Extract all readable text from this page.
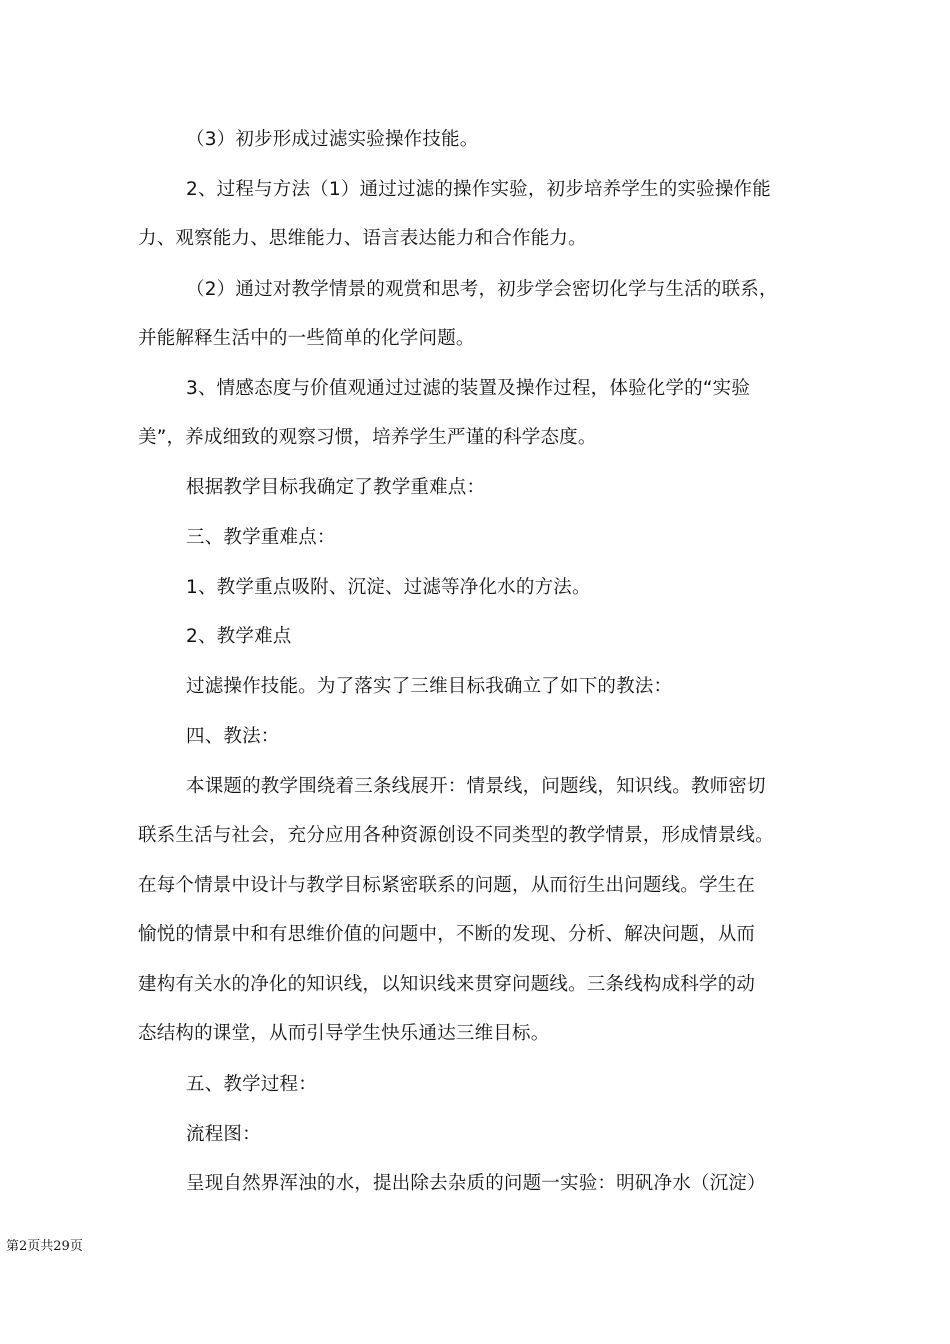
（3）初步形成过滤实验操作技能。
2、过程与方法（1）通过过滤的操作实验，初步培养学生的实验操作能
力、观察能力、思维能力、语言表达能力和合作能力。
（2）通过对教学情景的观赏和思考，初步学会密切化学与生活的联系，
并能解释生活中的一些简单的化学问题。
3、情感态度与价值观通过过滤的装置及操作过程，体验化学的“实验
美”，养成细致的观察习惯，培养学生严谨的科学态度。
根据教学目标我确定了教学重难点：
三、教学重难点：
1、教学重点吸附、沉淀、过滤等净化水的方法。
2、教学难点
过滤操作技能。为了落实了三维目标我确立了如下的教法：
四、教法：
本课题的教学围绕着三条线展开：情景线，问题线，知识线。教师密切
联系生活与社会，充分应用各种资源创设不同类型的教学情景，形成情景线。
在每个情景中设计与教学目标紧密联系的问题，从而衍生出问题线。学生在
愉悦的情景中和有思维价值的问题中，不断的发现、分析、解决问题，从而
建构有关水的净化的知识线，以知识线来贯穿问题线。三条线构成科学的动
态结构的课堂，从而引导学生快乐通达三维目标。
五、教学过程：
流程图：
呈现自然界浑浊的水，提出除去杂质的问题一实验：明矾净水（沉淀）
第2页共29页
